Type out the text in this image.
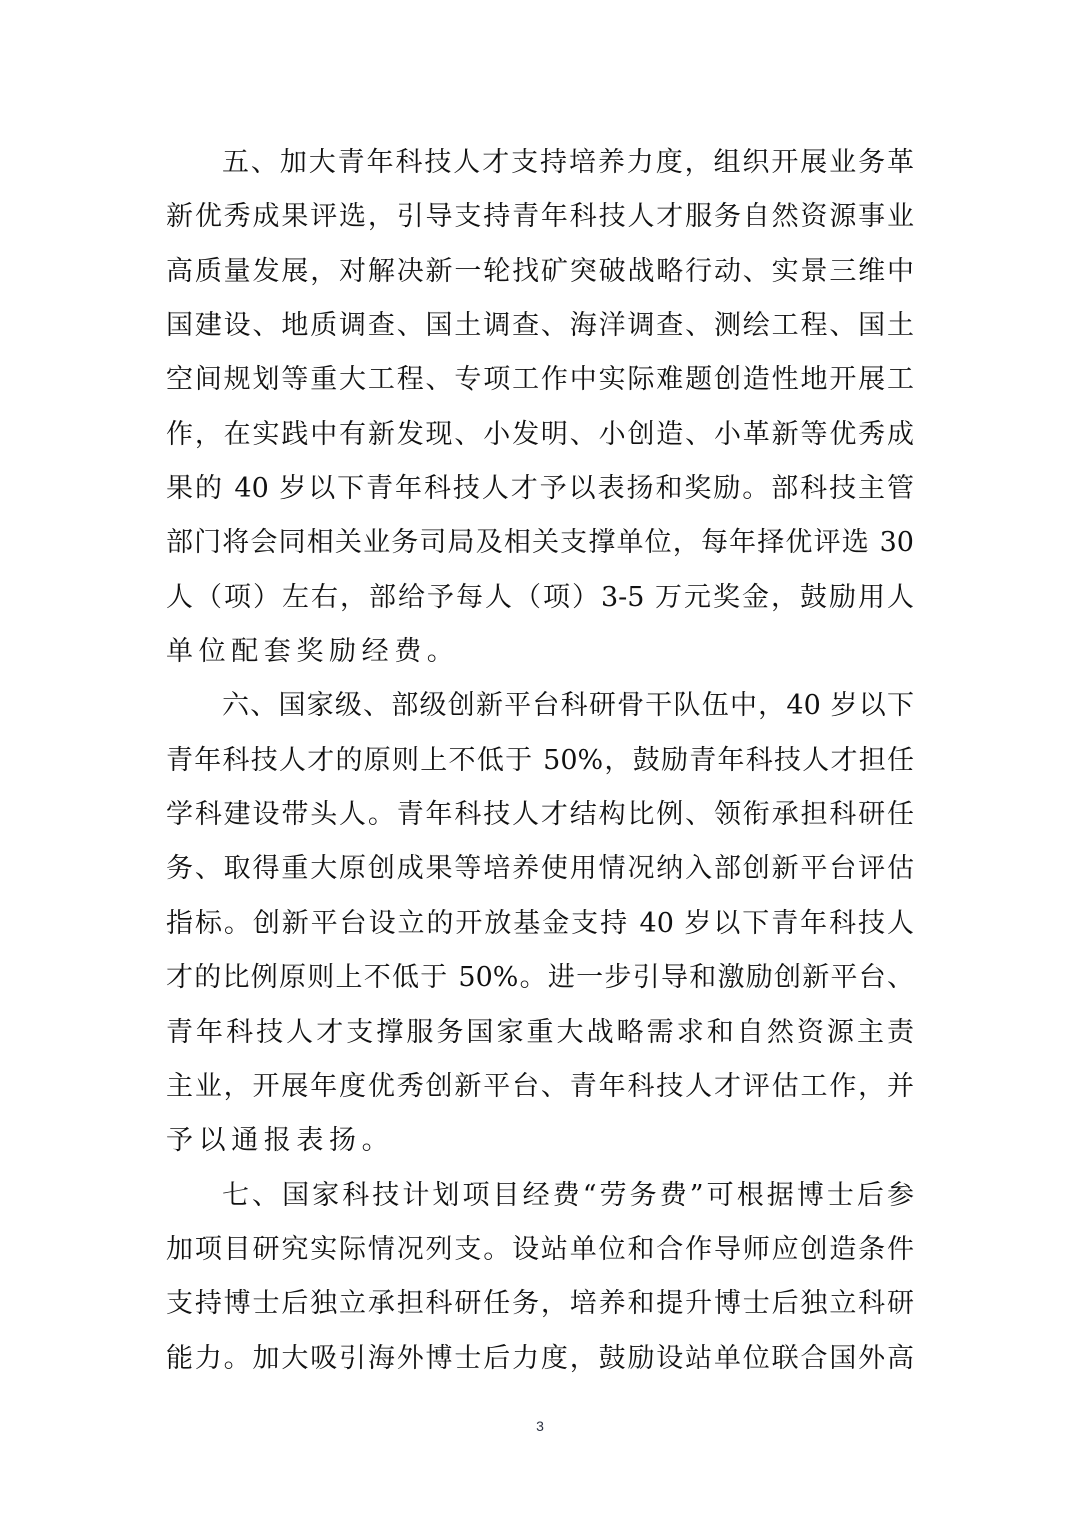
五、加大青年科技人才支持培养力度，组织开展业务革
新优秀成果评选，引导支持青年科技人才服务自然资源事业
高质量发展，对解决新一轮找矿突破战略行动、实景三维中
国建设、地质调查、国土调查、海洋调查、测绘工程、国土
空间规划等重大工程、专项工作中实际难题创造性地开展工
作，在实践中有新发现、小发明、小创造、小革新等优秀成
果的 40 岁以下青年科技人才予以表扬和奖励。部科技主管
部门将会同相关业务司局及相关支撑单位，每年择优评选 30
人（项）左右，部给予每人（项）3-5 万元奖金，鼓励用人
单位配套奖励经费。
六、国家级、部级创新平台科研骨干队伍中，40 岁以下
青年科技人才的原则上不低于 50%，鼓励青年科技人才担任
学科建设带头人。青年科技人才结构比例、领衔承担科研任
务、取得重大原创成果等培养使用情况纳入部创新平台评估
指标。创新平台设立的开放基金支持 40 岁以下青年科技人
才的比例原则上不低于 50%。进一步引导和激励创新平台、
青年科技人才支撑服务国家重大战略需求和自然资源主责
主业，开展年度优秀创新平台、青年科技人才评估工作，并
予以通报表扬。
七、国家科技计划项目经费“劳务费”可根据博士后参
加项目研究实际情况列支。设站单位和合作导师应创造条件
支持博士后独立承担科研任务，培养和提升博士后独立科研
能力。加大吸引海外博士后力度，鼓励设站单位联合国外高
3
